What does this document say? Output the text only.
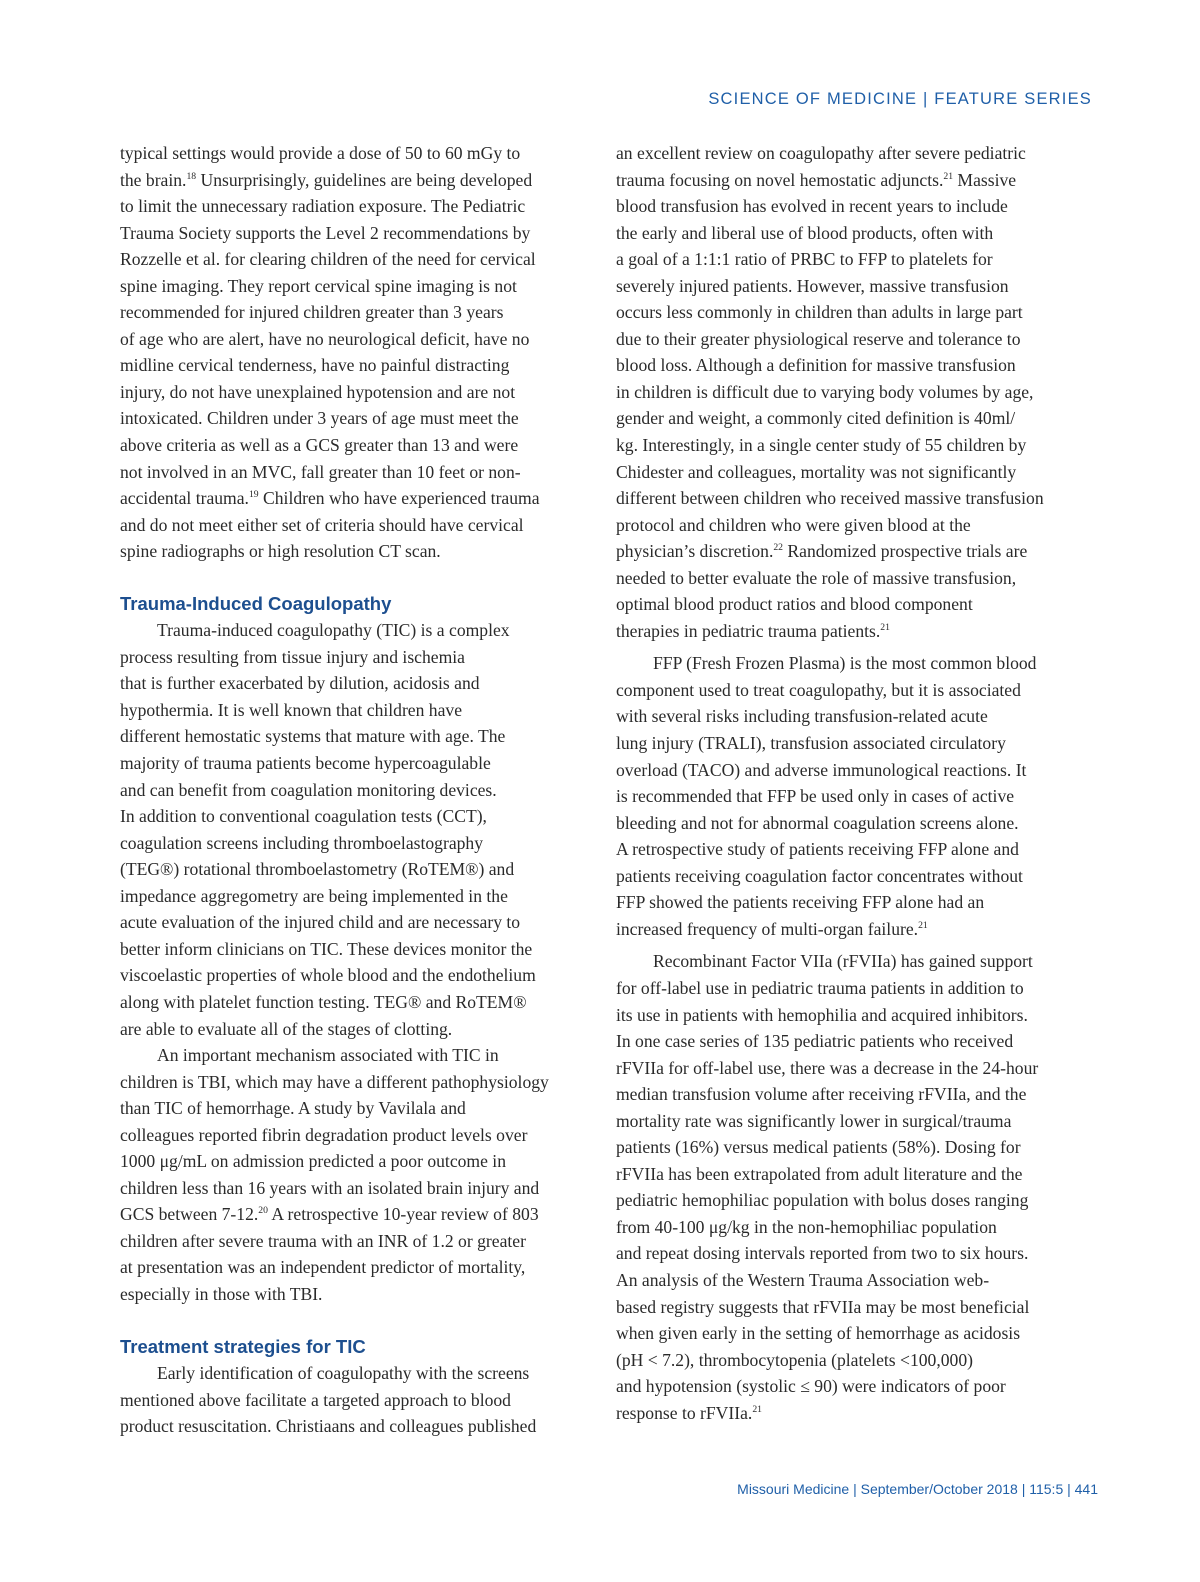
SCIENCE OF MEDICINE | FEATURE SERIES

typical settings would provide a dose of 50 to 60 mGy to
the brain.$^{18}$ Unsurprisingly, guidelines are being developed
to limit the unnecessary radiation exposure. The Pediatric
Trauma Society supports the Level 2 recommendations by
Rozzelle et al. for clearing children of the need for cervical
spine imaging. They report cervical spine imaging is not
recommended for injured children greater than 3 years
of age who are alert, have no neurological deficit, have no
midline cervical tenderness, have no painful distracting
injury, do not have unexplained hypotension and are not
intoxicated. Children under 3 years of age must meet the
above criteria as well as a GCS greater than 13 and were
not involved in an MVC, fall greater than 10 feet or non-
accidental trauma.$^{19}$ Children who have experienced trauma
and do not meet either set of criteria should have cervical
spine radiographs or high resolution CT scan.

Trauma-Induced Coagulopathy

Trauma-induced coagulopathy (TIC) is a complex
process resulting from tissue injury and ischemia
that is further exacerbated by dilution, acidosis and
hypothermia. It is well known that children have
different hemostatic systems that mature with age. The
majority of trauma patients become hypercoagulable
and can benefit from coagulation monitoring devices.
In addition to conventional coagulation tests (CCT),
coagulation screens including thromboelastography
(TEG®) rotational thromboelastometry (RoTEM®) and
impedance aggregometry are being implemented in the
acute evaluation of the injured child and are necessary to
better inform clinicians on TIC. These devices monitor the
viscoelastic properties of whole blood and the endothelium
along with platelet function testing. TEG® and RoTEM®
are able to evaluate all of the stages of clotting.

An important mechanism associated with TIC in
children is TBI, which may have a different pathophysiology
than TIC of hemorrhage. A study by Vavilala and
colleagues reported fibrin degradation product levels over
1000 μg/mL on admission predicted a poor outcome in
children less than 16 years with an isolated brain injury and
GCS between 7-12.20 A retrospective 10-year review of 803
children after severe trauma with an INR of 1.2 or greater
at presentation was an independent predictor of mortality,
especially in those with TBI.

Treatment strategies for TIC

Early identification of coagulopathy with the screens
mentioned above facilitate a targeted approach to blood
product resuscitation. Christiaans and colleagues published

an excellent review on coagulopathy after severe pediatric
trauma focusing on novel hemostatic adjuncts.$^{21}$ Massive
blood transfusion has evolved in recent years to include
the early and liberal use of blood products, often with
a goal of a 1:1:1 ratio of PRBC to FFP to platelets for
severely injured patients. However, massive transfusion
occurs less commonly in children than adults in large part
due to their greater physiological reserve and tolerance to
blood loss. Although a definition for massive transfusion
in children is difficult due to varying body volumes by age,
gender and weight, a commonly cited definition is 40ml/
kg. Interestingly, in a single center study of 55 children by
Chidester and colleagues, mortality was not significantly
different between children who received massive transfusion
protocol and children who were given blood at the
physician’s discretion.$^{22}$ Randomized prospective trials are
needed to better evaluate the role of massive transfusion,
optimal blood product ratios and blood component
therapies in pediatric trauma patients.$^{21}$

FFP (Fresh Frozen Plasma) is the most common blood
component used to treat coagulopathy, but it is associated
with several risks including transfusion-related acute
lung injury (TRALI), transfusion associated circulatory
overload (TACO) and adverse immunological reactions. It
is recommended that FFP be used only in cases of active
bleeding and not for abnormal coagulation screens alone.
A retrospective study of patients receiving FFP alone and
patients receiving coagulation factor concentrates without
FFP showed the patients receiving FFP alone had an
increased frequency of multi-organ failure.$^{21}$

Recombinant Factor VIIa (rFVIIa) has gained support
for off-label use in pediatric trauma patients in addition to
its use in patients with hemophilia and acquired inhibitors.
In one case series of 135 pediatric patients who received
rFVIIa for off-label use, there was a decrease in the 24-hour
median transfusion volume after receiving rFVIIa, and the
mortality rate was significantly lower in surgical/trauma
patients (16%) versus medical patients (58%). Dosing for
rFVIIa has been extrapolated from adult literature and the
pediatric hemophiliac population with bolus doses ranging
from 40-100 μg/kg in the non-hemophiliac population
and repeat dosing intervals reported from two to six hours.
An analysis of the Western Trauma Association web-
based registry suggests that rFVIIa may be most beneficial
when given early in the setting of hemorrhage as acidosis
(pH < 7.2), thrombocytopenia (platelets <100,000)
and hypotension (systolic ≤ 90) were indicators of poor
response to rFVIIa.$^{21}$

Missouri Medicine | September/October 2018 | 115:5 | 441
